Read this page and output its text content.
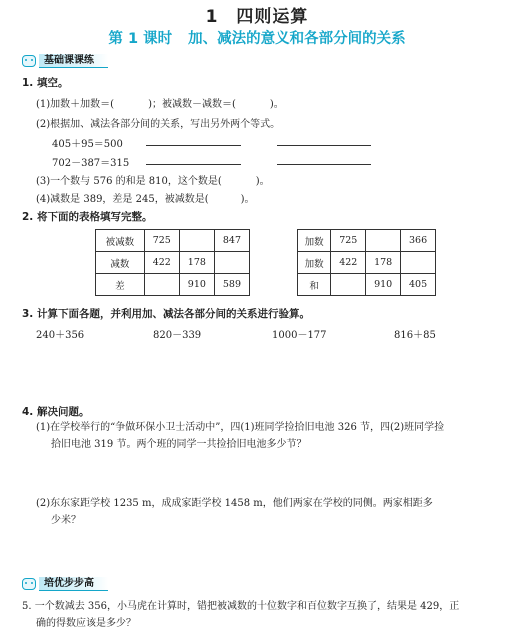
1 四则运算
第 1 课时 加、减法的意义和各部分间的关系
基础课课练
1. 填空。
(1)加数＋加数＝(	)；被减数－减数＝(	)。
(2)根据加、减法各部分间的关系，写出另外两个等式。
405＋95＝500
702－387＝315
(3)一个数与 576 的和是 810，这个数是(	)。
(4)减数是 389，差是 245，被减数是(	)。
2. 将下面的表格填写完整。
被减数	725		847
减数	422	178	
差		910	589
加数	725		366
加数	422	178	
和		910	405
3. 计算下面各题，并利用加、减法各部分间的关系进行验算。
240＋356	820－339	1000－177	816＋85
4. 解决问题。
(1)在学校举行的“争做环保小卫士活动中”，四(1)班同学捡拾旧电池 326 节，四(2)班同学捡
拾旧电池 319 节。两个班的同学一共捡拾旧电池多少节？
(2)东东家距学校 1235 m，成成家距学校 1458 m，他们两家在学校的同侧。两家相距多
少米？
培优步步高
5. 一个数减去 356，小马虎在计算时，错把被减数的十位数字和百位数字互换了，结果是 429，正
确的得数应该是多少？
